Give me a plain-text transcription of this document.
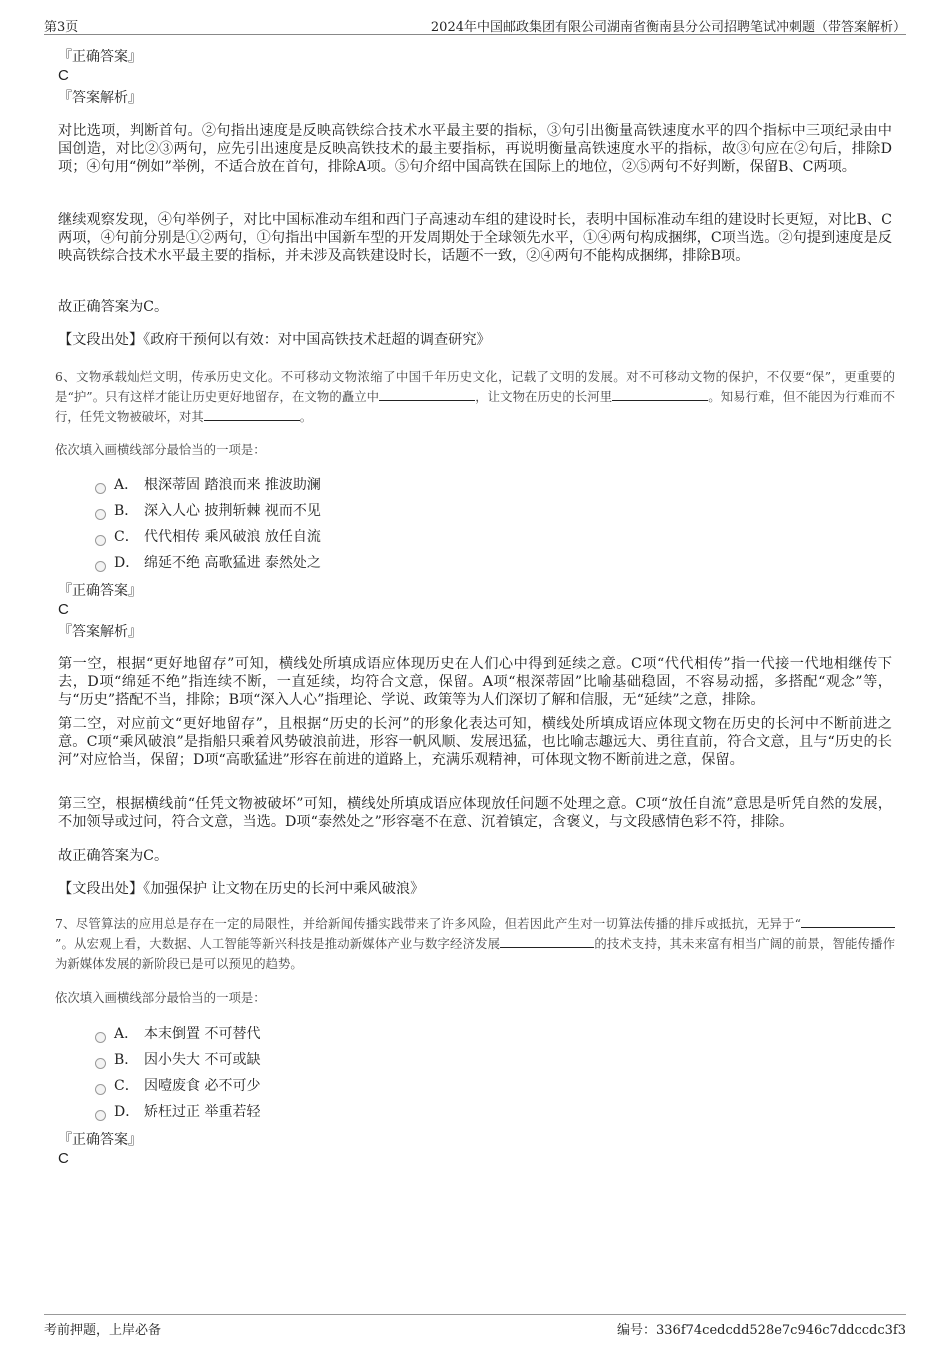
第3页	2024年中国邮政集团有限公司湖南省衡南县分公司招聘笔试冲刺题（带答案解析）
『正确答案』
C
『答案解析』
对比选项，判断首句。②句指出速度是反映高铁综合技术水平最主要的指标，③句引出衡量高铁速度水平的四个指标中三项纪录由中国创造，对比②③两句，应先引出速度是反映高铁技术的最主要指标，再说明衡量高铁速度水平的指标，故③句应在②句后，排除D项；④句用“例如”举例，不适合放在首句，排除A项。⑤句介绍中国高铁在国际上的地位，②⑤两句不好判断，保留B、C两项。
继续观察发现，④句举例子，对比中国标准动车组和西门子高速动车组的建设时长，表明中国标准动车组的建设时长更短，对比B、C两项，④句前分别是①②两句，①句指出中国新车型的开发周期处于全球领先水平，①④两句构成捆绑，C项当选。②句提到速度是反映高铁综合技术水平最主要的指标，并未涉及高铁建设时长，话题不一致，②④两句不能构成捆绑，排除B项。
故正确答案为C。
【文段出处】《政府干预何以有效：对中国高铁技术赶超的调查研究》
6、文物承载灿烂文明，传承历史文化。不可移动文物浓缩了中国千年历史文化，记载了文明的发展。对不可移动文物的保护，不仅要“保”，更重要的是“护”。只有这样才能让历史更好地留存，在文物的矗立中	，让文物在历史的长河里	。知易行难，但不能因为行难而不行，任凭文物被破坏，对其	。
依次填入画横线部分最恰当的一项是：
A． 根深蒂固 踏浪而来 推波助澜
B． 深入人心 披荆斩棘 视而不见
C． 代代相传 乘风破浪 放任自流
D． 绵延不绝 高歌猛进 泰然处之
『正确答案』
C
『答案解析』
第一空，根据“更好地留存”可知，横线处所填成语应体现历史在人们心中得到延续之意。C项“代代相传”指一代接一代地相继传下去，D项“绵延不绝”指连续不断，一直延续，均符合文意，保留。A项“根深蒂固”比喻基础稳固，不容易动摇，多搭配“观念”等，与“历史”搭配不当，排除；B项“深入人心”指理论、学说、政策等为人们深切了解和信服，无“延续”之意，排除。
第二空，对应前文“更好地留存”，且根据“历史的长河”的形象化表达可知，横线处所填成语应体现文物在历史的长河中不断前进之意。C项“乘风破浪”是指船只乘着风势破浪前进，形容一帆风顺、发展迅猛，也比喻志趣远大、勇往直前，符合文意，且与“历史的长河”对应恰当，保留；D项“高歌猛进”形容在前进的道路上，充满乐观精神，可体现文物不断前进之意，保留。
第三空，根据横线前“任凭文物被破坏”可知，横线处所填成语应体现放任问题不处理之意。C项“放任自流”意思是听凭自然的发展，不加领导或过问，符合文意，当选。D项“泰然处之”形容毫不在意、沉着镇定，含褒义，与文段感情色彩不符，排除。
故正确答案为C。
【文段出处】《加强保护 让文物在历史的长河中乘风破浪》
7、尽管算法的应用总是存在一定的局限性，并给新闻传播实践带来了许多风险，但若因此产生对一切算法传播的排斥或抵抗，无异于“”。从宏观上看，大数据、人工智能等新兴科技是推动新媒体产业与数字经济发展	的技术支持，其未来富有相当广阔的前景，智能传播作为新媒体发展的新阶段已是可以预见的趋势。
依次填入画横线部分最恰当的一项是：
A． 本末倒置 不可替代
B． 因小失大 不可或缺
C． 因噎废食 必不可少
D． 矫枉过正 举重若轻
『正确答案』
C
考前押题，上岸必备	编号：336f74cedcdd528e7c946c7ddccdc3f3
